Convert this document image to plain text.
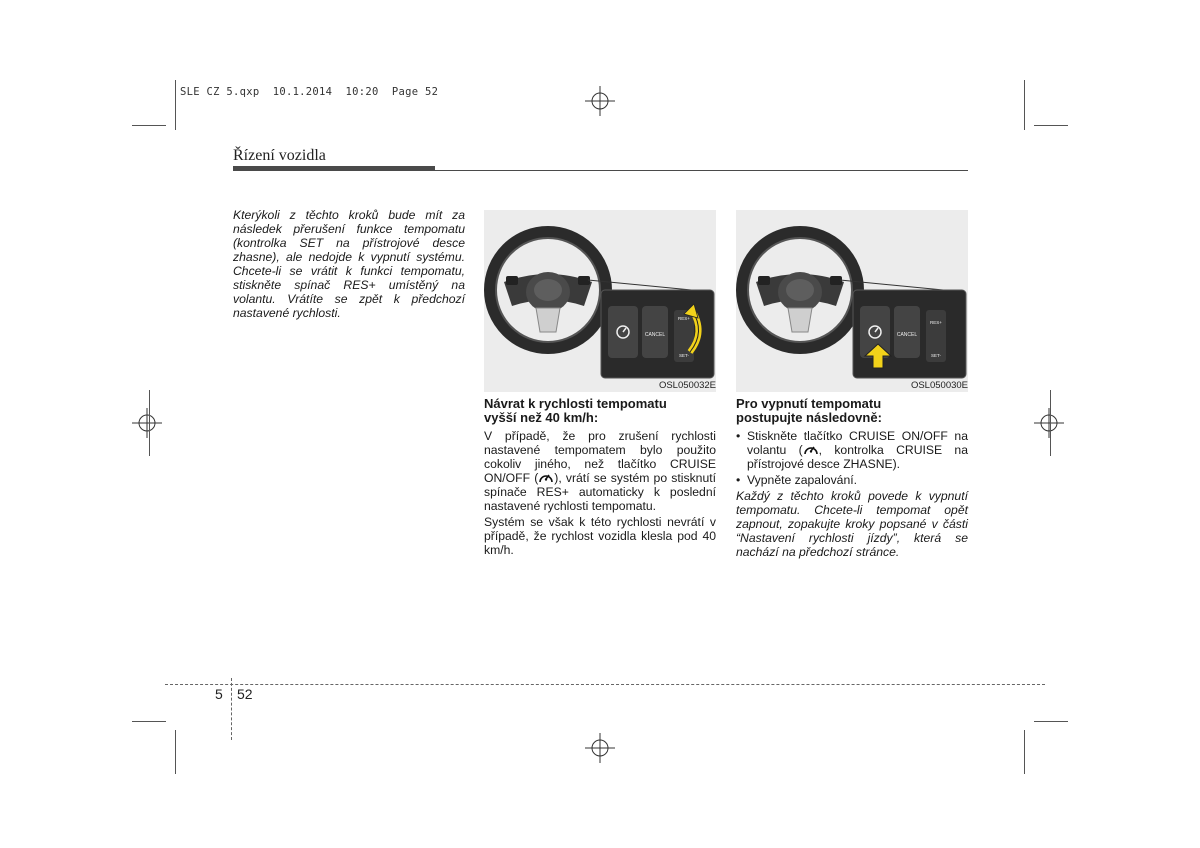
SLE CZ 5.qxp  10.1.2014  10:20  Page 52
Řízení vozidla

Kterýkoli z těchto kroků bude mít za následek přerušení funkce tempomatu (kontrolka SET na přístrojové desce zhasne), ale nedojde k vypnutí systému. Chcete-li se vrátit k funkci tempomatu, stiskněte spínač RES+ umístěný na volantu. Vrátíte se zpět k předchozí nastavené rychlosti.

CANCEL
RES+
SET-
OSL050032E
CANCEL
RES+
SET-
OSL050030E
Návrat k rychlosti tempomatu
vyšší než 40 km/h:

V případě, že pro zrušení rychlosti nastavené tempomatem bylo použito cokoliv jiného, než tlačítko CRUISE ON/OFF ( ), vrátí se systém po stisknutí spínače RES+ automaticky k poslední nastavené rychlosti tempomatu.

Systém se však k této rychlosti nevrátí v případě, že rychlost vozidla klesla pod 40 km/h.

Pro vypnutí tempomatu
postupujte následovně:
• Stiskněte tlačítko CRUISE ON/OFF na volantu ( , kontrolka CRUISE na přístrojové desce ZHASNE).
• Vypněte zapalování.

Každý z těchto kroků povede k vypnutí tempomatu. Chcete-li tempomat opět zapnout, zopakujte kroky popsané v části “Nastavení rychlosti jízdy”, která se nachází na předchozí stránce.

5 52
